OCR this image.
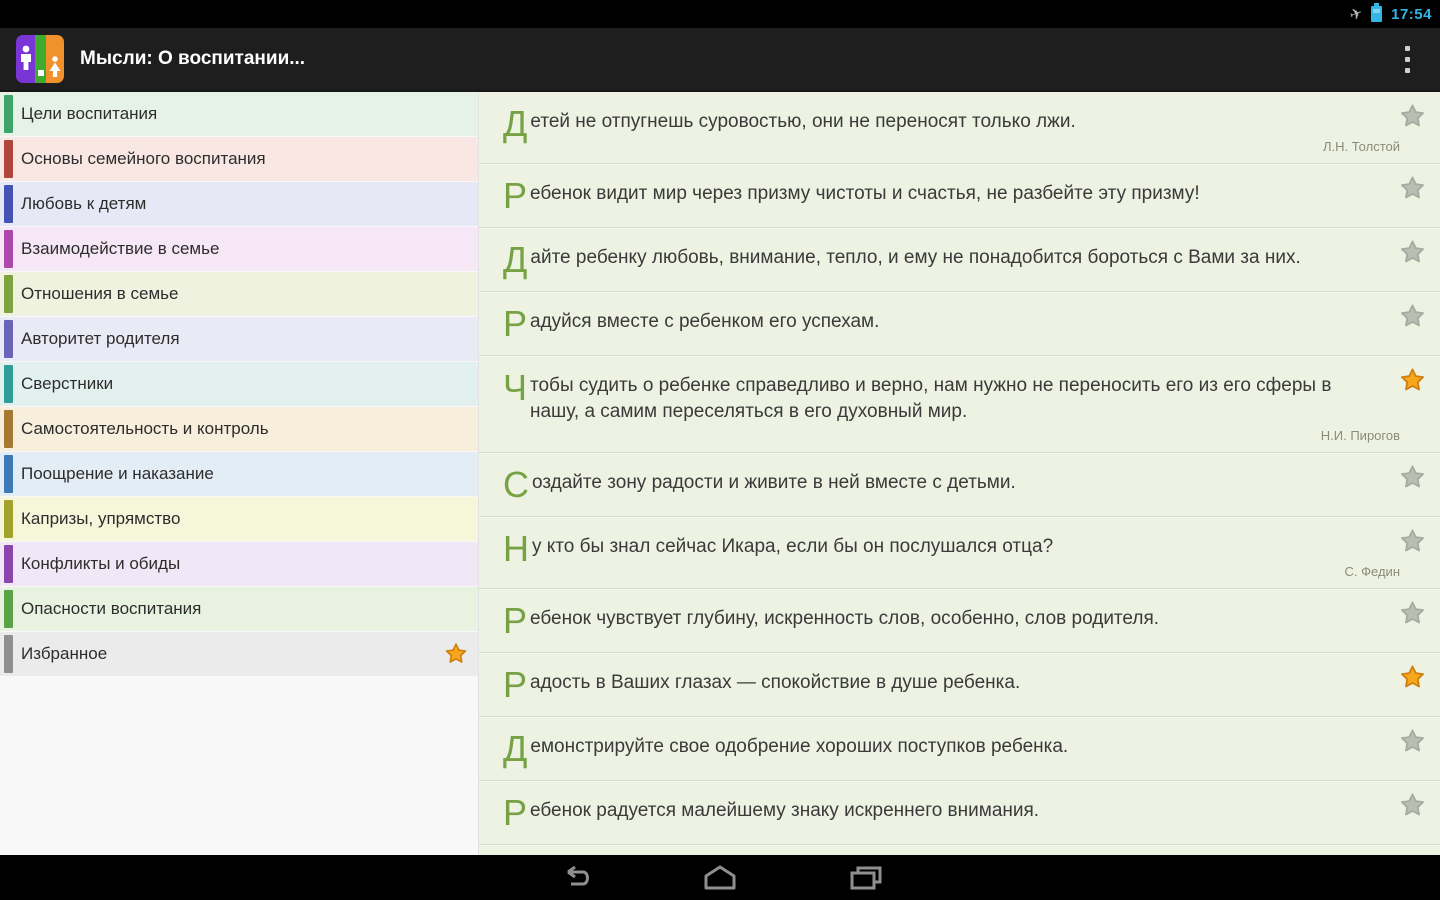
✈ 17:54
Мысли: О воспитании...
Цели воспитания
Основы семейного воспитания
Любовь к детям
Взаимодействие в семье
Отношения в семье
Авторитет родителя
Сверстники
Самостоятельность и контроль
Поощрение и наказание
Капризы, упрямство
Конфликты и обиды
Опасности воспитания
Избранное
Детей не отпугнешь суровостью, они не переносят только лжи.
Л.Н. Толстой
Ребенок видит мир через призму чистоты и счастья, не разбейте эту призму!
Дайте ребенку любовь, внимание, тепло, и ему не понадобится бороться с Вами за них.
Радуйся вместе с ребенком его успехам.
Чтобы судить о ребенке справедливо и верно, нам нужно не переносить его из его сферы в нашу, а самим переселяться в его духовный мир.
Н.И. Пирогов
Создайте зону радости и живите в ней вместе с детьми.
Ну кто бы знал сейчас Икара, если бы он послушался отца?
С. Федин
Ребенок чувствует глубину, искренность слов, особенно, слов родителя.
Радость в Ваших глазах — спокойствие в душе ребенка.
Демонстрируйте свое одобрение хороших поступков ребенка.
Ребенок радуется малейшему знаку искреннего внимания.
